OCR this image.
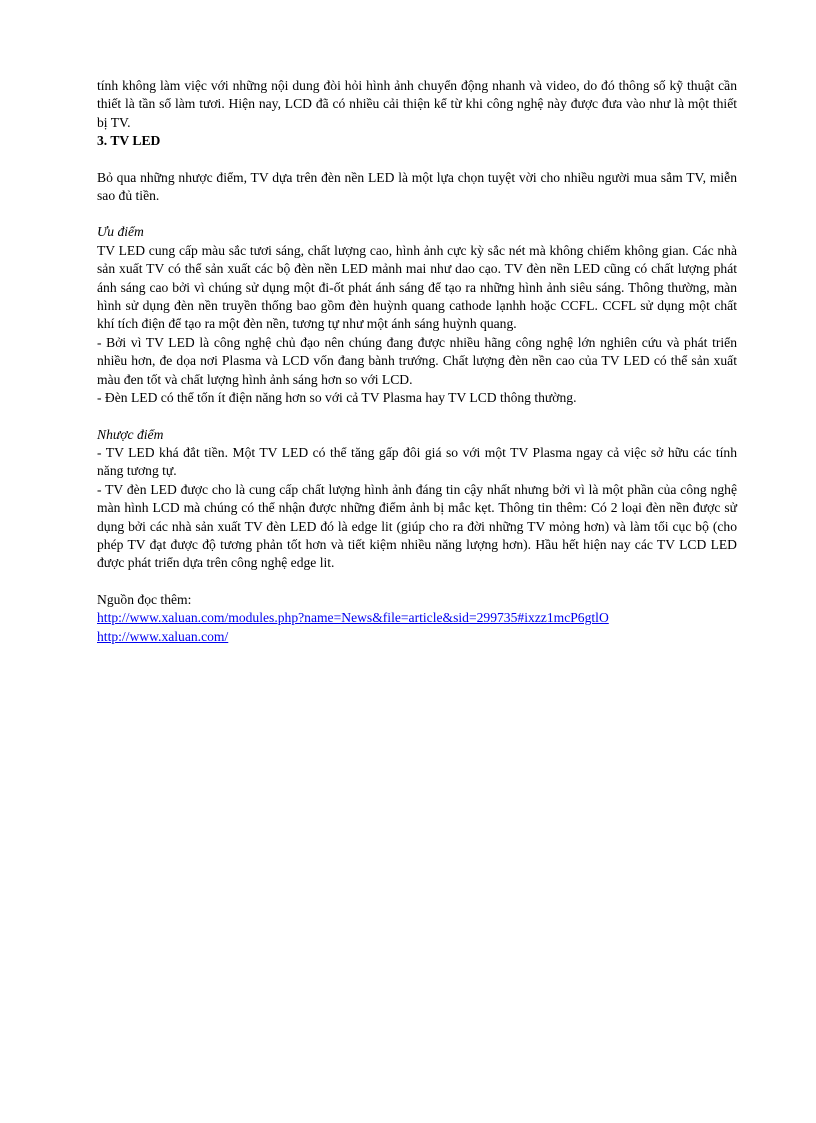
tính không làm việc với những nội dung đòi hỏi hình ảnh chuyển động nhanh và video, do đó thông số kỹ thuật cần thiết là tần số làm tươi. Hiện nay, LCD đã có nhiều cải thiện kể từ khi công nghệ này được đưa vào như là một thiết bị TV.

3. TV LED

Bỏ qua những nhược điểm, TV dựa trên đèn nền LED là một lựa chọn tuyệt vời cho nhiều người mua sắm TV, miễn sao đủ tiền.

Ưu điểm

TV LED cung cấp màu sắc tươi sáng, chất lượng cao, hình ảnh cực kỳ sắc nét mà không chiếm không gian. Các nhà sản xuất TV có thể sản xuất các bộ đèn nền LED mảnh mai như dao cạo. TV đèn nền LED cũng có chất lượng phát ánh sáng cao bởi vì chúng sử dụng một đi-ốt phát ánh sáng để tạo ra những hình ảnh siêu sáng. Thông thường, màn hình sử dụng đèn nền truyền thống bao gồm đèn huỳnh quang cathode lạnhh hoặc CCFL. CCFL sử dụng một chất khí tích điện để tạo ra một đèn nền, tương tự như một ánh sáng huỳnh quang.

- Bởi vì TV LED là công nghệ chủ đạo nên chúng đang được nhiều hãng công nghệ lớn nghiên cứu và phát triển nhiều hơn, đe dọa nơi Plasma và LCD vốn đang bành trướng. Chất lượng đèn nền cao của TV LED có thể sản xuất màu đen tốt và chất lượng hình ảnh sáng hơn so với LCD.

- Đèn LED có thể tốn ít điện năng hơn so với cả TV Plasma hay TV LCD thông thường.

Nhược điểm

- TV LED khá đắt tiền. Một TV LED có thể tăng gấp đôi giá so với một TV Plasma ngay cả việc sở hữu các tính năng tương tự.

- TV đèn LED được cho là cung cấp chất lượng hình ảnh đáng tin cậy nhất nhưng bởi vì là một phần của công nghệ màn hình LCD mà chúng có thể nhận được những điểm ảnh bị mắc kẹt. Thông tin thêm: Có 2 loại đèn nền được sử dụng bởi các nhà sản xuất TV đèn LED đó là edge lit (giúp cho ra đời những TV mỏng hơn) và làm tối cục bộ (cho phép TV đạt được độ tương phản tốt hơn và tiết kiệm nhiều năng lượng hơn). Hầu hết hiện nay các TV LCD LED được phát triển dựa trên công nghệ edge lit.

Nguồn đọc thêm:

http://www.xaluan.com/modules.php?name=News&file=article&sid=299735#ixzz1mcP6gtlO
http://www.xaluan.com/
